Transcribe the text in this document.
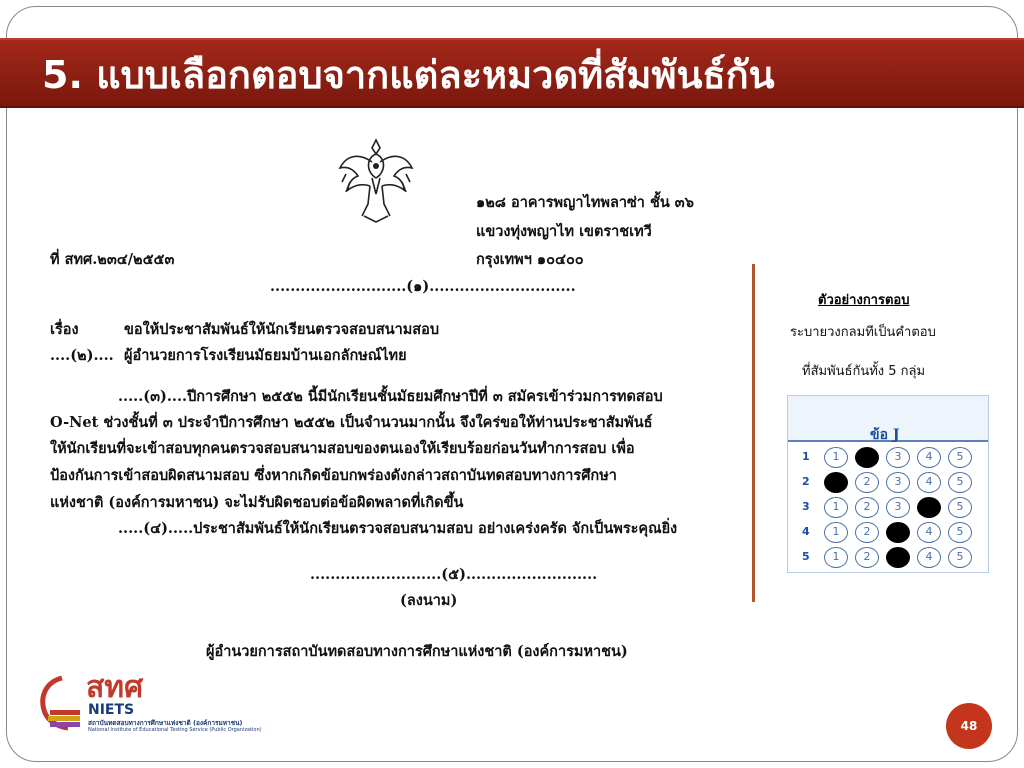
5. แบบเลือกตอบจากแต่ละหมวดที่สัมพันธ์กัน
๑๒๘ อาคารพญาไทพลาซ่า ชั้น ๓๖
แขวงทุ่งพญาไท เขตราชเทวี
กรุงเทพฯ ๑๐๔๐๐
ที่ สทศ.๒๓๔/๒๕๕๓
...........................(๑).............................
เรื่อง	ขอให้ประชาสัมพันธ์ให้นักเรียนตรวจสอบสนามสอบ
....(๒).... ผู้อำนวยการโรงเรียนมัธยมบ้านเอกลักษณ์ไทย
.....(๓)....ปีการศึกษา ๒๕๕๒ นี้มีนักเรียนชั้นมัธยมศึกษาปีที่ ๓ สมัครเข้าร่วมการทดสอบ
O-Net ช่วงชั้นที่ ๓ ประจำปีการศึกษา ๒๕๕๒ เป็นจำนวนมากนั้น จึงใคร่ขอให้ท่านประชาสัมพันธ์
ให้นักเรียนที่จะเข้าสอบทุกคนตรวจสอบสนามสอบของตนเองให้เรียบร้อยก่อนวันทำการสอบ เพื่อ
ป้องกันการเข้าสอบผิดสนามสอบ ซึ่งหากเกิดข้อบกพร่องดังกล่าวสถาบันทดสอบทางการศึกษา
แห่งชาติ (องค์การมหาชน) จะไม่รับผิดชอบต่อข้อผิดพลาดที่เกิดขึ้น
.....(๔).....ประชาสัมพันธ์ให้นักเรียนตรวจสอบสนามสอบ อย่างเคร่งครัด จักเป็นพระคุณยิ่ง
..........................(๕)..........................
(ลงนาม)
ผู้อำนวยการสถาบันทดสอบทางการศึกษาแห่งชาติ (องค์การมหาชน)
ตัวอย่างการตอบ
ระบายวงกลมทีเป็นคำตอบ
ที่สัมพันธ์กันทั้ง 5 กลุ่ม
ข้อ J
1	1	2	3	4	5
2	1	2	3	4	5
3	1	2	3	4	5
4	1	2	3	4	5
5	1	2	3	4	5
สทศ
NIETS
สถาบันทดสอบทางการศึกษาแห่งชาติ (องค์การมหาชน)
National Institute of Educational Testing Service (Public Organization)	48
